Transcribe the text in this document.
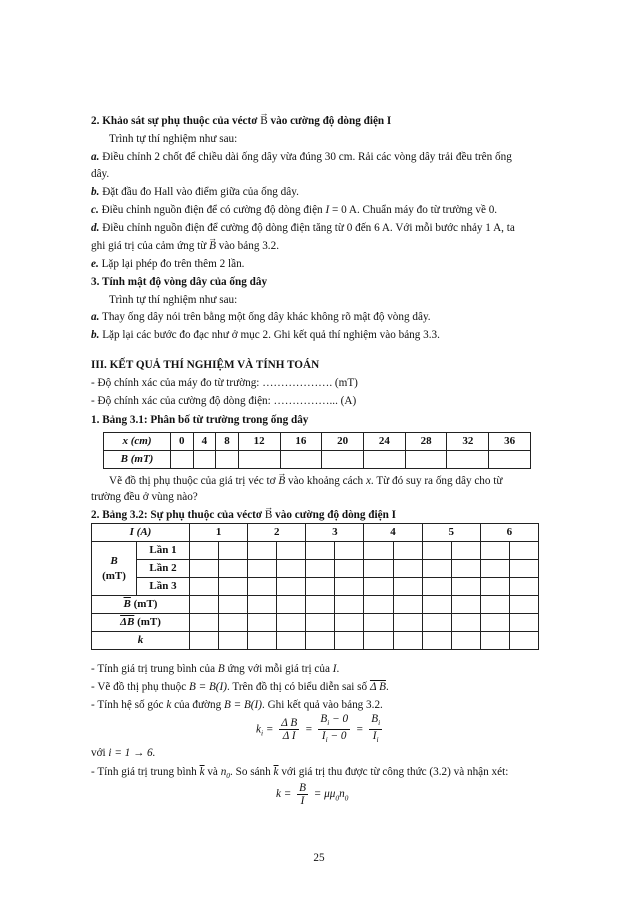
2. Khảo sát sự phụ thuộc của véctơ → B vào cường độ dòng điện I
Trình tự thí nghiệm như sau:
a. Điều chỉnh 2 chốt để chiều dài ống dây vừa đúng 30 cm. Rải các vòng dây trải đều trên ống
dây.
b. Đặt đầu đo Hall vào điểm giữa của ống dây.
c. Điều chỉnh nguồn điện để có cường độ dòng điện I = 0 A. Chuẩn máy đo từ trường về 0.
d. Điều chỉnh nguồn điện để cường độ dòng điện tăng từ 0 đến 6 A. Với mỗi bước nhảy 1 A, ta
ghi giá trị của cảm ứng từ → B vào bảng 3.2.
e. Lặp lại phép đo trên thêm 2 lần.
3. Tính mật độ vòng dây của ống dây
Trình tự thí nghiệm như sau:
a. Thay ống dây nói trên bằng một ống dây khác không rõ mật độ vòng dây.
b. Lặp lại các bước đo đạc như ở mục 2. Ghi kết quả thí nghiệm vào bảng 3.3.
III. KẾT QUẢ THÍ NGHIỆM VÀ TÍNH TOÁN
- Độ chính xác của máy đo từ trường: ………………. (mT)
- Độ chính xác của cường độ dòng điện: ……………... (A)
1. Bảng 3.1: Phân bố từ trường trong ống dây
x (cm)	0	4	8	12	16	20	24	28	32	36
B (mT)										
Vẽ đồ thị phụ thuộc của giá trị véc tơ → B vào khoảng cách x. Từ đó suy ra ống dây cho từ
trường đều ở vùng nào?
2. Bảng 3.2: Sự phụ thuộc của véctơ → B vào cường độ dòng điện I
I (A)		1		2		3		4		5		6	
B
(mT)	Lần 1												
	Lần 2												
	Lần 3												
$\overline{B}$ (mT)													
$\overline{\Delta B}$ (mT)													
k													
- Tính giá trị trung bình của B ứng với mỗi giá trị của I.
- Vẽ đồ thị phụ thuộc B = B(I). Trên đồ thị có biểu diễn sai số Δ B.
- Tính hệ số góc k của đường B = B(I). Ghi kết quả vào bảng 3.2.
$k_i = \frac{\text{Δ B}}{\text{Δ I}} = \frac{B_i - 0}{I_i - 0} = \frac{B_i}{I_i}$
với i = 1 → 6.
- Tính giá trị trung bình $\overline{k}$ và $n_0$. So sánh $\overline{k}$ với giá trị thu được từ công thức (3.2) và nhận xét:
$k = \frac{B}{I} = \mu\mu_0n_0$
25
